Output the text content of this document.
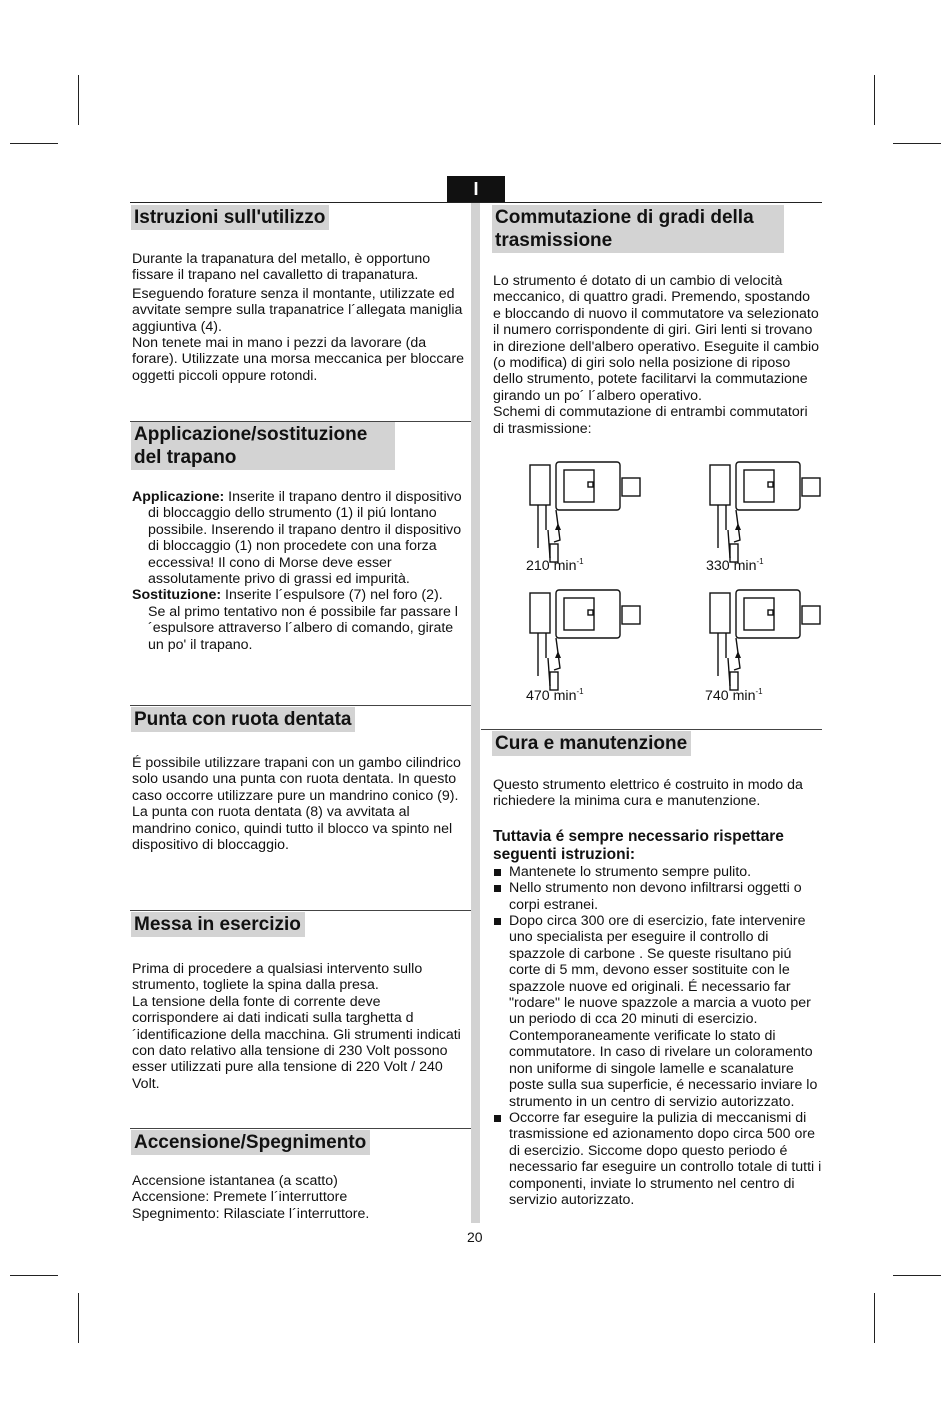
I
Istruzioni sull'utilizzo

Durante la trapanatura del metallo, è opportuno fissare il trapano nel cavalletto di trapanatura.

Eseguendo forature senza il montante, utilizzate ed avvitate sempre sulla trapanatrice l´allegata maniglia aggiuntiva (4).

Non tenete mai in mano i pezzi da lavorare (da forare). Utilizzate una morsa meccanica per bloccare oggetti piccoli oppure rotondi.

Applicazione/sostituzione
del trapano

Applicazione: Inserite il trapano dentro il dispositivo di bloccaggio dello strumento (1) il piú lontano possibile. Inserendo il trapano dentro il dispositivo di bloccaggio (1) non procedete con una forza eccessiva! Il cono di Morse deve esser assolutamente privo di grassi ed impurità.

Sostituzione: Inserite l´espulsore (7) nel foro (2). Se al primo tentativo non é possibile far passare l´espulsore attraverso l´albero di comando, girate un po' il trapano.

Punta con ruota dentata

É possibile utilizzare trapani con un gambo cilindrico solo usando una punta con ruota dentata. In questo caso occorre utilizzare pure un mandrino conico (9).

La punta con ruota dentata (8) va avvitata al mandrino conico, quindi tutto il blocco va spinto nel dispositivo di bloccaggio.

Messa in esercizio

Prima di procedere a qualsiasi intervento sullo strumento, togliete la spina dalla presa.

La tensione della fonte di corrente deve corrispondere ai dati indicati sulla targhetta d´identificazione della macchina. Gli strumenti indicati con dato relativo alla tensione di 230 Volt possono esser utilizzati pure alla tensione di 220 Volt / 240 Volt.

Accensione/Spegnimento

Accensione istantanea (a scatto)

Accensione: Premete l´interruttore

Spegnimento: Rilasciate l´interruttore.

Commutazione di gradi della
trasmissione

Lo strumento é dotato di un cambio di velocità meccanico, di quattro gradi. Premendo, spostando e bloccando di nuovo il commutatore va selezionato il numero corrispondente di giri. Giri lenti si trovano in direzione dell'albero operativo. Eseguite il cambio (o modifica) di giri solo nella posizione di riposo dello strumento, potete facilitarvi la commutazione girando un po´ l´albero operativo.

Schemi di commutazione di entrambi commutatori di trasmissione:

210 $\min^{-1}$	330 $\min^{-1}$
470 $\min^{-1}$	740 $\min^{-1}$
Cura e manutenzione

Questo strumento elettrico é costruito in modo da richiedere la minima cura e manutenzione.

Tuttavia é sempre necessario rispettare seguenti istruzioni:

Mantenete lo strumento sempre pulito.
Nello strumento non devono infiltrarsi oggetti o corpi estranei.
Dopo circa 300 ore di esercizio, fate intervenire uno specialista per eseguire il controllo di spazzole di carbone . Se queste risultano piú corte di 5 mm, devono esser sostituite con le spazzole nuove ed originali. É necessario far "rodare" le nuove spazzole a marcia a vuoto per un periodo di cca 20 minuti di esercizio. Contemporaneamente verificate lo stato di commutatore. In caso di rivelare un coloramento non uniforme di singole lamelle e scanalature poste sulla sua superficie, é necessario inviare lo strumento in un centro di servizio autorizzato.
Occorre far eseguire la pulizia di meccanismi di trasmissione ed azionamento dopo circa 500 ore di esercizio. Siccome dopo questo periodo é necessario far eseguire un controllo totale di tutti i componenti, inviate lo strumento nel centro di servizio autorizzato.
20
